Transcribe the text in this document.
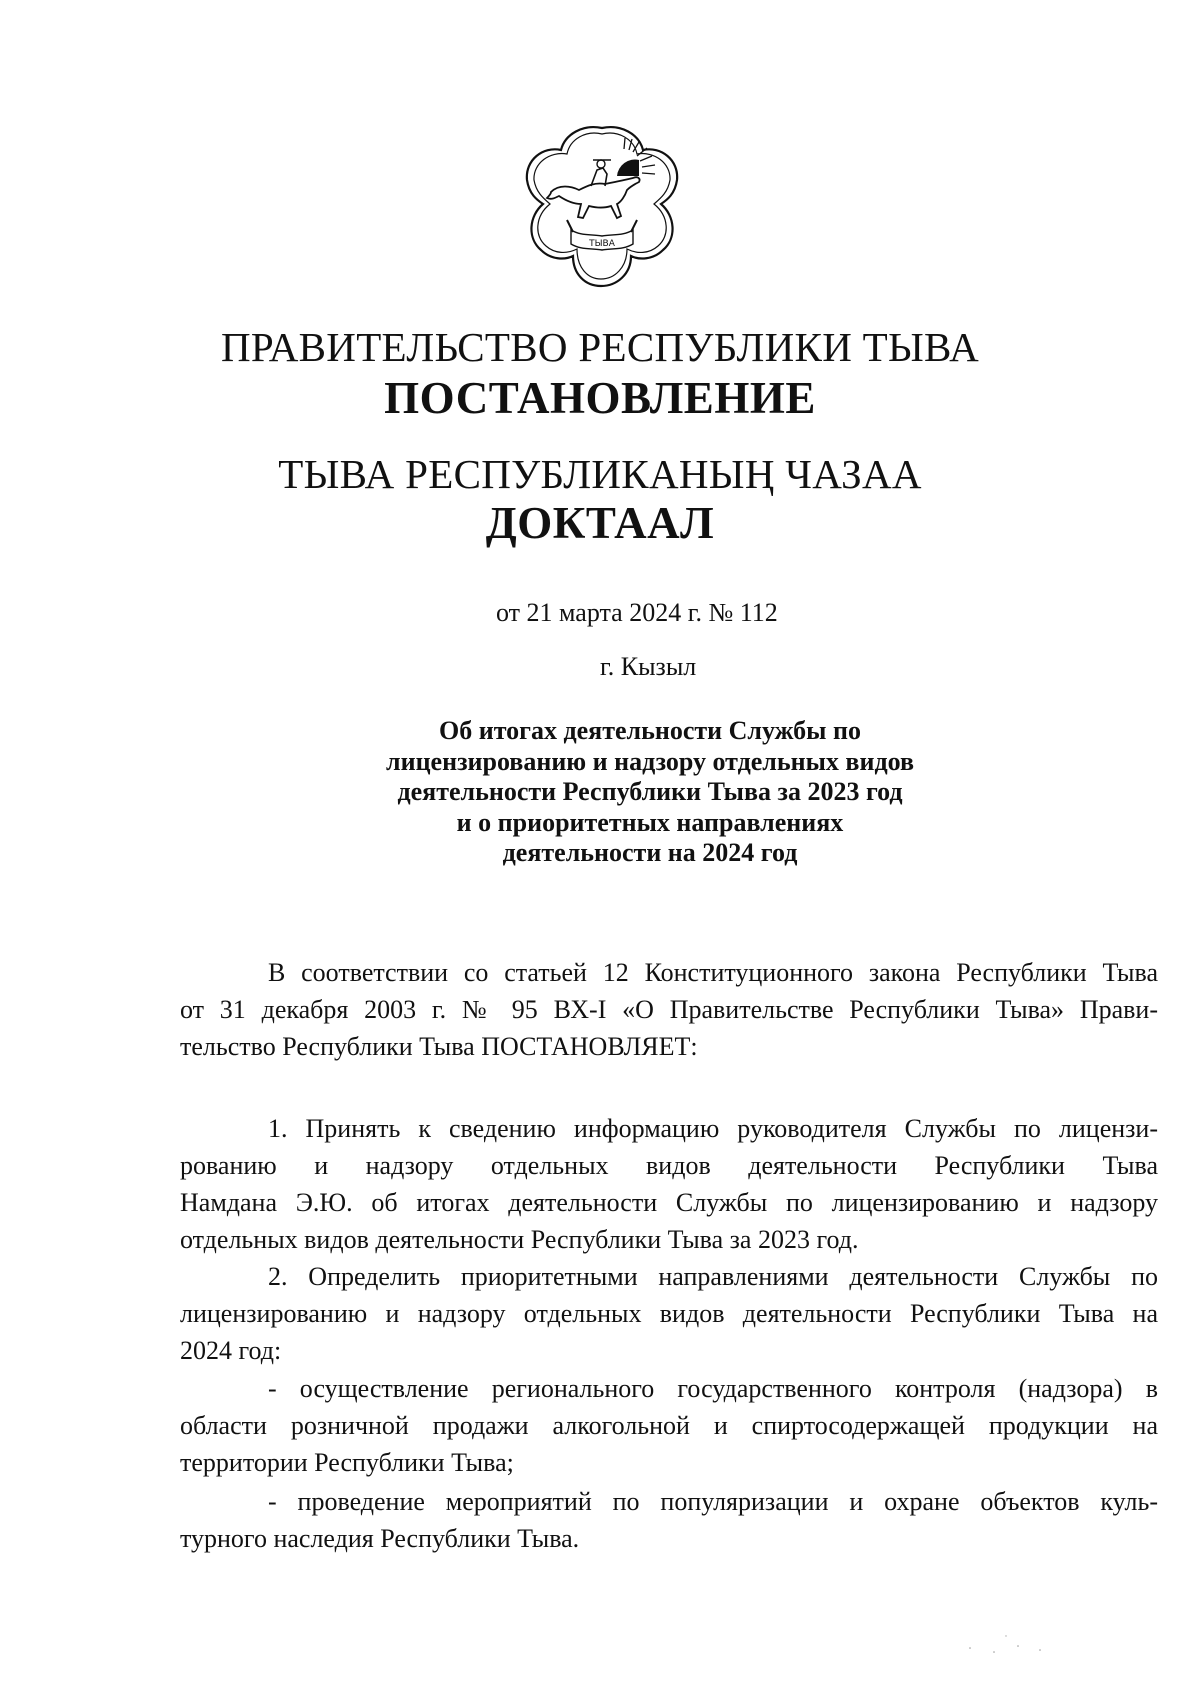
ТЫВА
ПРАВИТЕЛЬСТВО РЕСПУБЛИКИ ТЫВА
ПОСТАНОВЛЕНИЕ
ТЫВА РЕСПУБЛИКАНЫҢ ЧАЗАА
ДОКТААЛ
от 21 марта 2024 г. № 112
г. Кызыл
Об итогах деятельности Службы по
лицензированию и надзору отдельных видов
деятельности Республики Тыва за 2023 год
и о приоритетных направлениях
деятельности на 2024 год
В соответствии со статьей 12 Конституционного закона Республики Тыва
от 31 декабря 2003 г. № 95 ВХ-I «О Правительстве Республики Тыва» Прави-
тельство Республики Тыва ПОСТАНОВЛЯЕТ:
1. Принять к сведению информацию руководителя Службы по лицензи-
рованию и надзору отдельных видов деятельности Республики Тыва
Намдана Э.Ю. об итогах деятельности Службы по лицензированию и надзору
отдельных видов деятельности Республики Тыва за 2023 год.
2. Определить приоритетными направлениями деятельности Службы по
лицензированию и надзору отдельных видов деятельности Республики Тыва на
2024 год:
- осуществление регионального государственного контроля (надзора) в
области розничной продажи алкогольной и спиртосодержащей продукции на
территории Республики Тыва;
- проведение мероприятий по популяризации и охране объектов куль-
турного наследия Республики Тыва.
